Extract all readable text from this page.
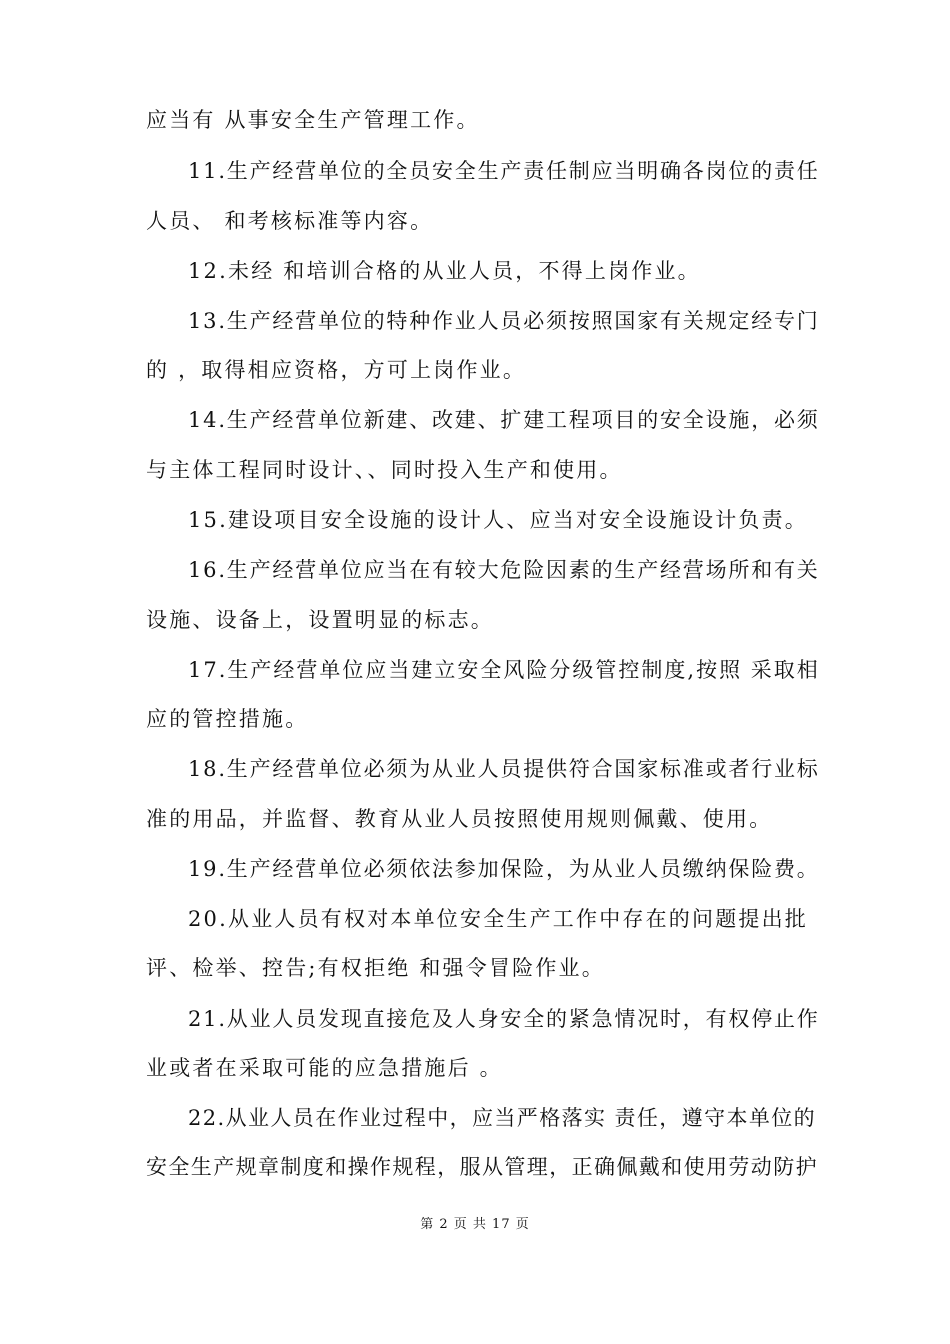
应当有 从事安全生产管理工作。
11.生产经营单位的全员安全生产责任制应当明确各岗位的责任
人员、 和考核标准等内容。
12.未经 和培训合格的从业人员，不得上岗作业。
13.生产经营单位的特种作业人员必须按照国家有关规定经专门
的 ，取得相应资格，方可上岗作业。
14.生产经营单位新建、改建、扩建工程项目的安全设施，必须
与主体工程同时设计、、同时投入生产和使用。
15.建设项目安全设施的设计人、应当对安全设施设计负责。
16.生产经营单位应当在有较大危险因素的生产经营场所和有关
设施、设备上，设置明显的标志。
17.生产经营单位应当建立安全风险分级管控制度,按照 采取相
应的管控措施。
18.生产经营单位必须为从业人员提供符合国家标准或者行业标
准的用品，并监督、教育从业人员按照使用规则佩戴、使用。
19.生产经营单位必须依法参加保险，为从业人员缴纳保险费。
20.从业人员有权对本单位安全生产工作中存在的问题提出批
评、检举、控告;有权拒绝 和强令冒险作业。
21.从业人员发现直接危及人身安全的紧急情况时，有权停止作
业或者在采取可能的应急措施后 。
22.从业人员在作业过程中，应当严格落实 责任，遵守本单位的
安全生产规章制度和操作规程，服从管理，正确佩戴和使用劳动防护
第 2 页 共 17 页
